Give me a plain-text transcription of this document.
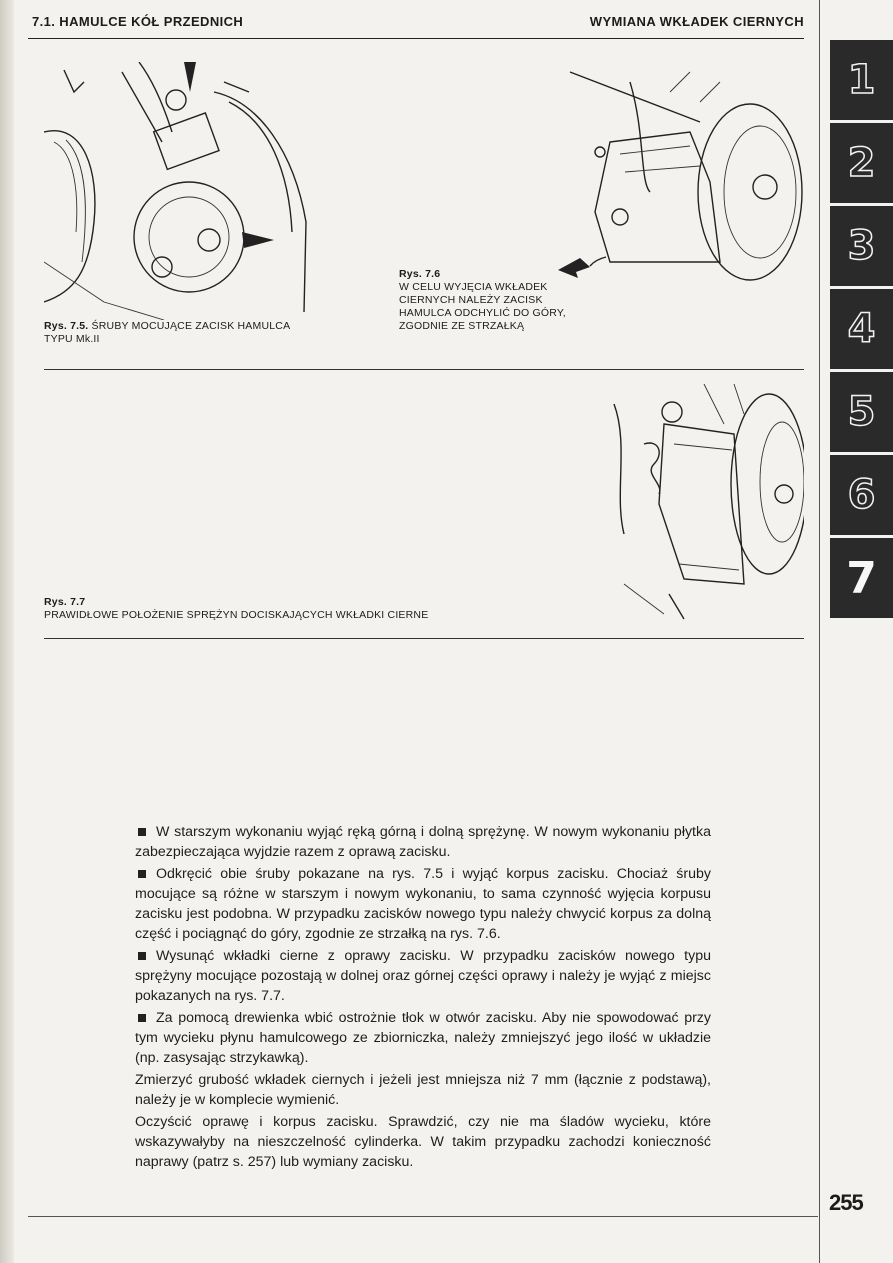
7.1. HAMULCE KÓŁ PRZEDNICH	WYMIANA WKŁADEK CIERNYCH
Rys. 7.5. ŚRUBY MOCUJĄCE ZACISK HAMULCA
TYPU Mk.II
Rys. 7.6
W CELU WYJĘCIA WKŁADEK
CIERNYCH NALEŻY ZACISK
HAMULCA ODCHYLIĆ DO GÓRY,
ZGODNIE ZE STRZAŁKĄ
Rys. 7.7
PRAWIDŁOWE POŁOŻENIE SPRĘŻYN DOCISKAJĄCYCH WKŁADKI CIERNE

W starszym wykonaniu wyjąć ręką górną i dolną sprężynę. W nowym wykonaniu płytka zabezpieczająca wyjdzie razem z oprawą zacisku.

Odkręcić obie śruby pokazane na rys. 7.5 i wyjąć korpus zacisku. Chociaż śruby mocujące są różne w starszym i nowym wykonaniu, to sama czynność wyjęcia korpusu zacisku jest podobna. W przypadku zacisków nowego typu należy chwycić korpus za dolną część i pociągnąć do góry, zgodnie ze strzałką na rys. 7.6.

Wysunąć wkładki cierne z oprawy zacisku. W przypadku zacisków nowego typu sprężyny mocujące pozostają w dolnej oraz górnej części oprawy i należy je wyjąć z miejsc pokazanych na rys. 7.7.

Za pomocą drewienka wbić ostrożnie tłok w otwór zacisku. Aby nie spowodować przy tym wycieku płynu hamulcowego ze zbiorniczka, należy zmniejszyć jego ilość w układzie (np. zasysając strzykawką).

Zmierzyć grubość wkładek ciernych i jeżeli jest mniejsza niż 7 mm (łącznie z podstawą), należy je w komplecie wymienić.

Oczyścić oprawę i korpus zacisku. Sprawdzić, czy nie ma śladów wycieku, które wskazywałyby na nieszczelność cylinderka. W takim przypadku zachodzi konieczność naprawy (patrz s. 257) lub wymiany zacisku.

1
2
3
4
5
6
7
255
